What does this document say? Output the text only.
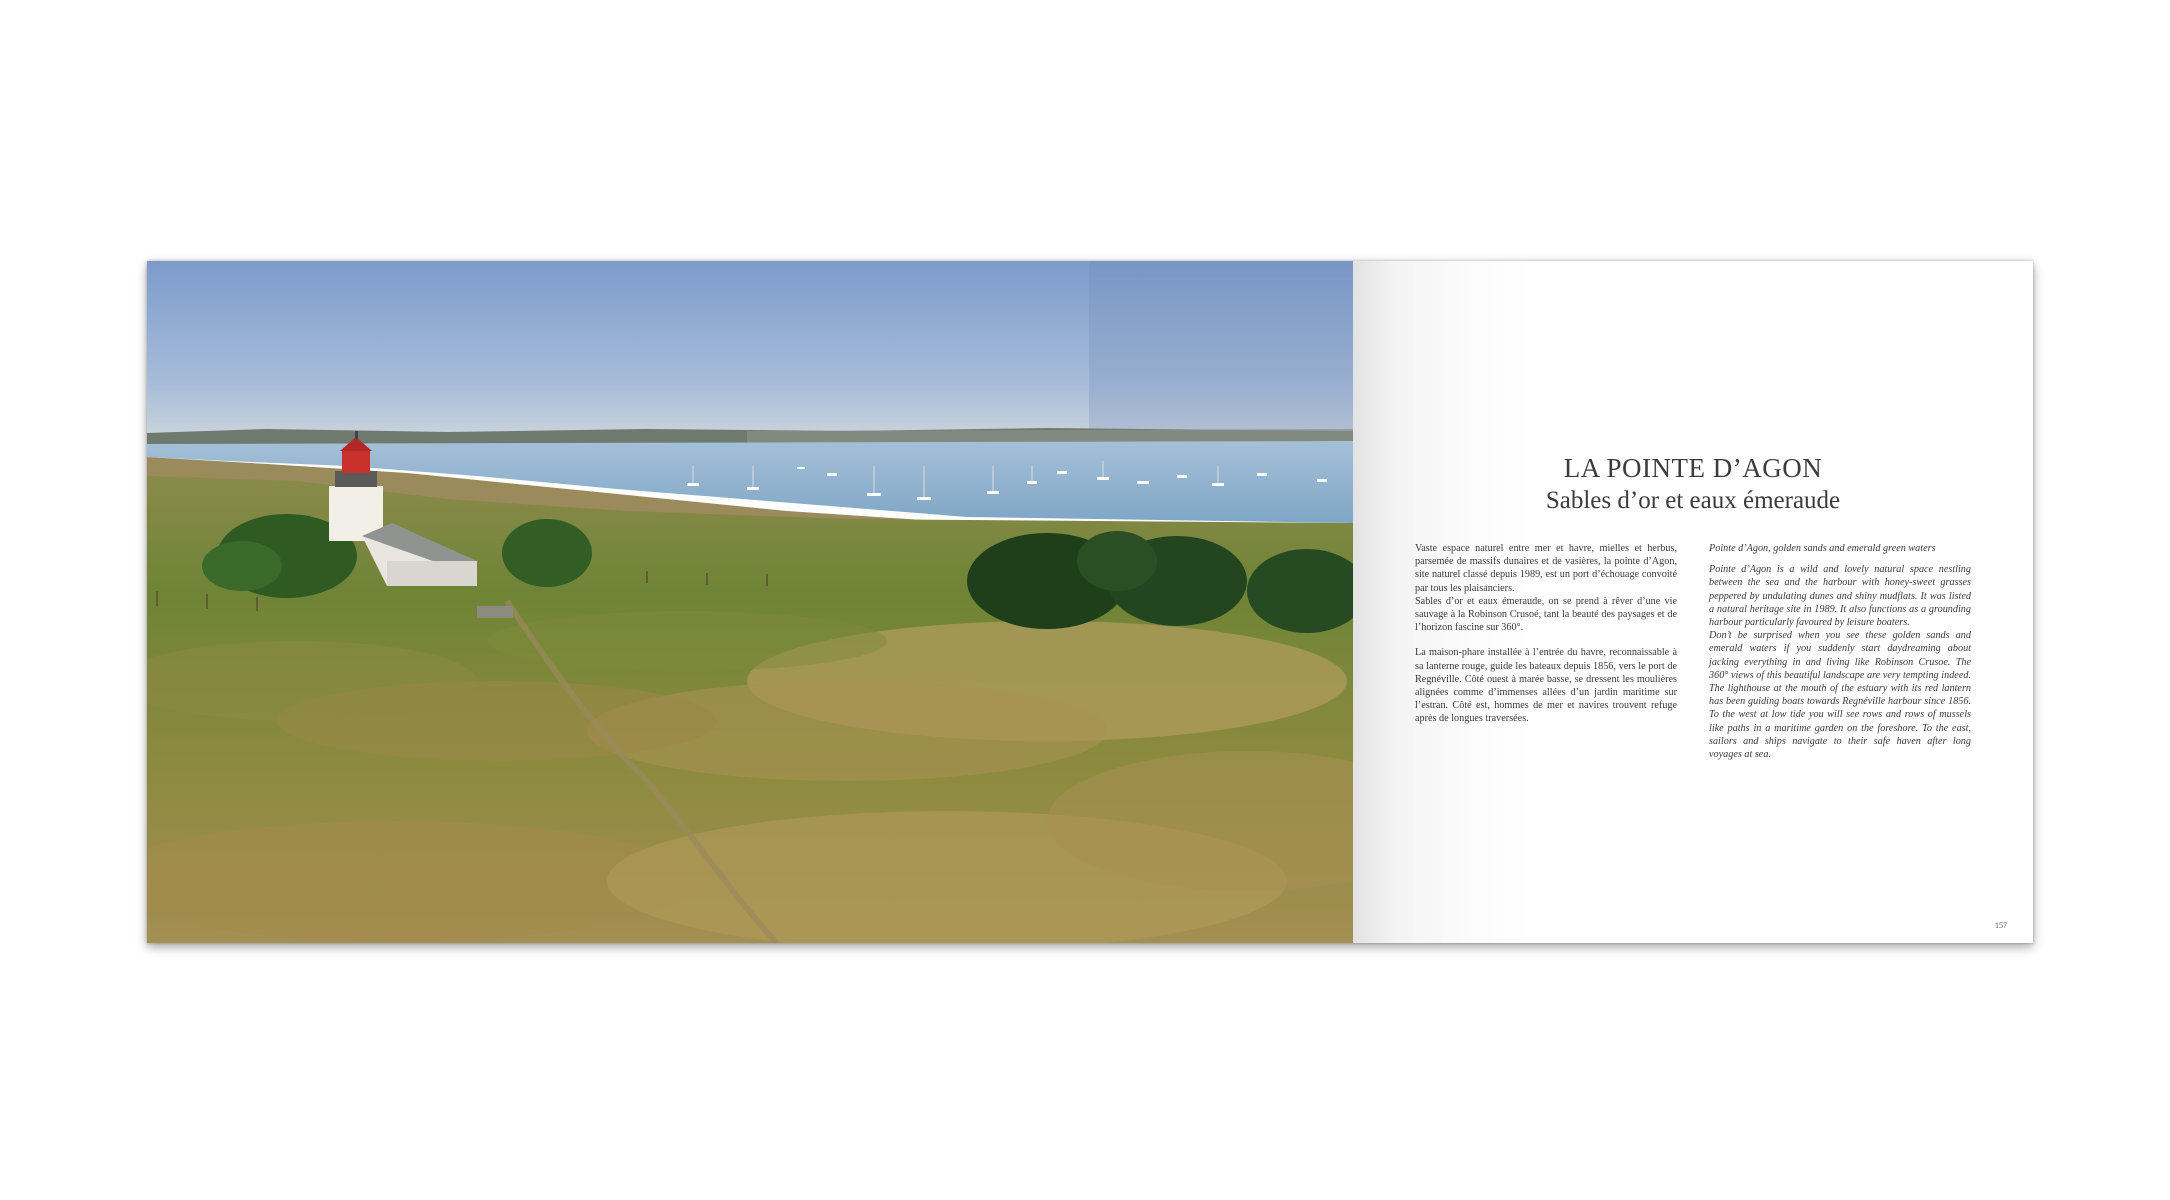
LA POINTE D’AGON
Sables d’or et eaux émeraude

Vaste espace naturel entre mer et havre, mielles et herbus, parsemée de massifs dunaires et de vasières, la pointe d’Agon, site naturel classé depuis 1989, est un port d’échouage convoité par tous les plaisanciers.

Sables d’or et eaux émeraude, on se prend à rêver d’une vie sauvage à la Robinson Crusoé, tant la beauté des paysages et de l’horizon fascine sur 360°.

La maison-phare installée à l’entrée du havre, reconnaissable à sa lanterne rouge, guide les bateaux depuis 1856, vers le port de Regnéville. Côté ouest à marée basse, se dressent les moulières alignées comme d’immenses allées d’un jardin maritime sur l’estran. Côté est, hommes de mer et navires trouvent refuge après de longues traversées.

Pointe d’Agon, golden sands and emerald green waters

Pointe d’Agon is a wild and lovely natural space nestling between the sea and the harbour with honey-sweet grasses peppered by undulating dunes and shiny mudflats. It was listed a natural heritage site in 1989. It also functions as a grounding harbour particularly favoured by leisure boaters.

Don’t be surprised when you see these golden sands and emerald waters if you suddenly start daydreaming about jacking everything in and living like Robinson Crusoe. The 360° views of this beautiful landscape are very tempting indeed. The lighthouse at the mouth of the estuary with its red lantern has been guiding boats towards Regnéville harbour since 1856. To the west at low tide you will see rows and rows of mussels like paths in a maritime garden on the foreshore. To the east, sailors and ships navigate to their safe haven after long voyages at sea.

157
